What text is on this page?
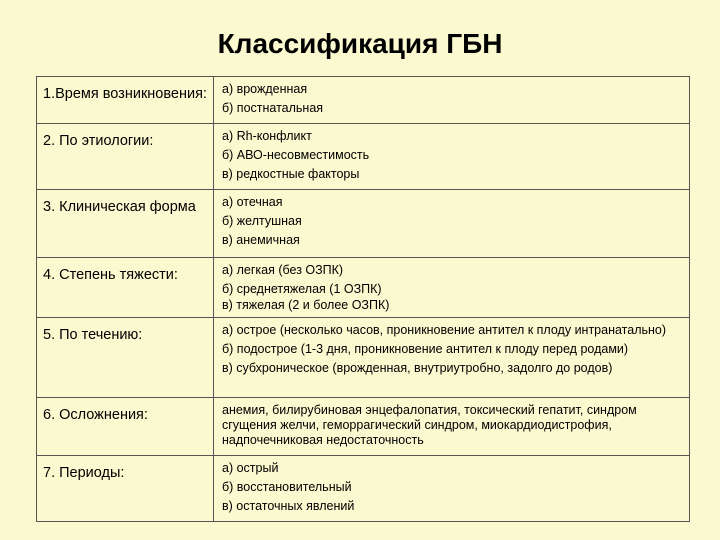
Классификация ГБН
1.Время возникновения:	а) врожденная
б) постнатальная

2. По этиологии:	а) Rh-конфликт
б) АВО-несовместимость
в) редкостные факторы

3. Клиническая форма	а) отечная
б) желтушная
в) анемичная

4. Степень тяжести:	а) легкая (без ОЗПК)
б) среднетяжелая (1 ОЗПК)
в) тяжелая (2 и более ОЗПК)

5. По течению:	а) острое (несколько часов, проникновение антител к плоду интранатально)
б) подострое (1-3 дня, проникновение антител к плоду перед родами)
в) субхроническое (врожденная, внутриутробно, задолго до родов)

6. Осложнения:	анемия, билирубиновая энцефалопатия, токсический гепатит, синдром сгущения желчи, геморрагический синдром, миокардиодистрофия, надпочечниковая недостаточность

7. Периоды:	а) острый
б) восстановительный
в) остаточных явлений
